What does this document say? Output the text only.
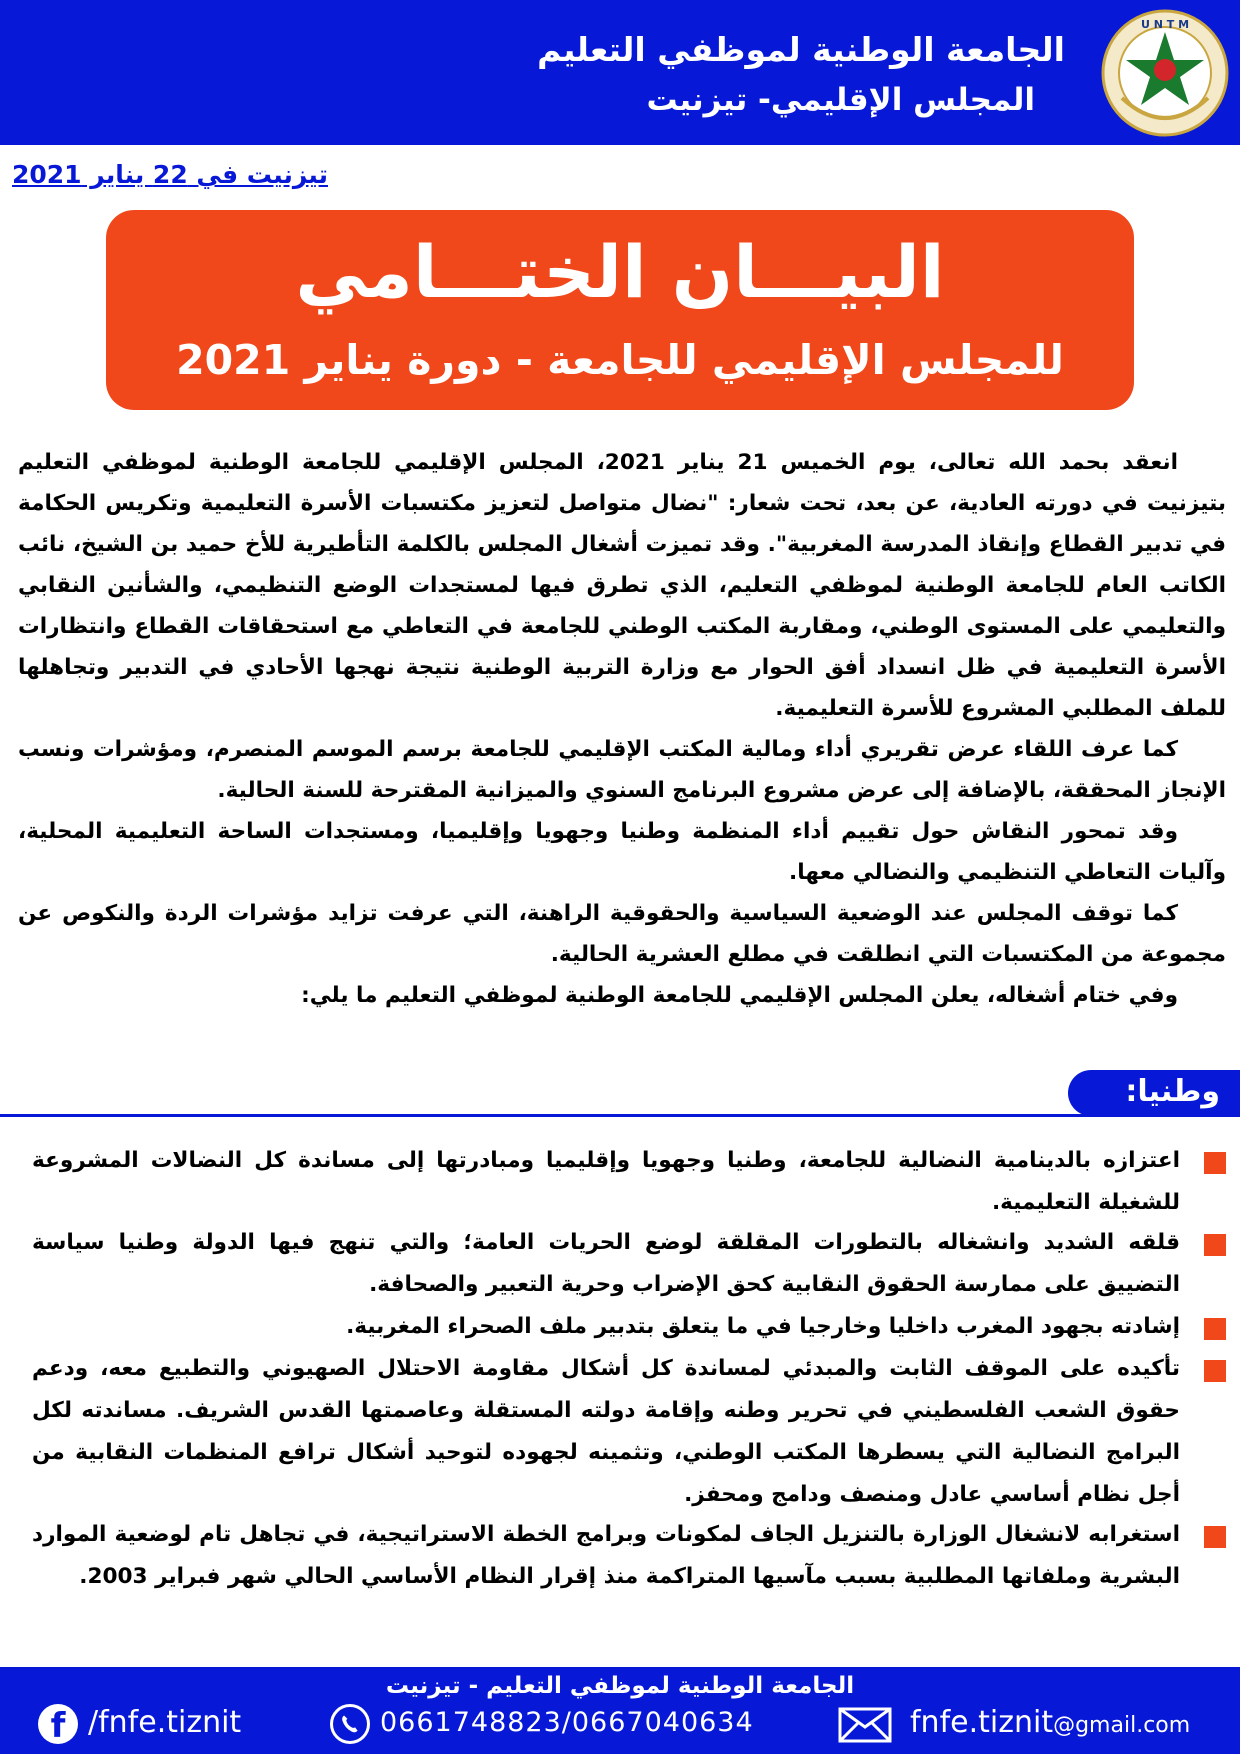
الجامعة الوطنية لموظفي التعليم
المجلس الإقليمي- تيزنيت
U N T M
تيزنيت في 22 يناير 2021
البيـــان الختـــامي
للمجلس الإقليمي للجامعة - دورة يناير 2021

انعقد بحمد الله تعالى، يوم الخميس 21 يناير 2021، المجلس الإقليمي للجامعة الوطنية لموظفي التعليم بتيزنيت في دورته العادية، عن بعد، تحت شعار: "نضال متواصل لتعزيز مكتسبات الأسرة التعليمية وتكريس الحكامة في تدبير القطاع وإنقاذ المدرسة المغربية". وقد تميزت أشغال المجلس بالكلمة التأطيرية للأخ حميد بن الشيخ، نائب الكاتب العام للجامعة الوطنية لموظفي التعليم، الذي تطرق فيها لمستجدات الوضع التنظيمي، والشأنين النقابي والتعليمي على المستوى الوطني، ومقاربة المكتب الوطني للجامعة في التعاطي مع استحقاقات القطاع وانتظارات الأسرة التعليمية في ظل انسداد أفق الحوار مع وزارة التربية الوطنية نتيجة نهجها الأحادي في التدبير وتجاهلها للملف المطلبي المشروع للأسرة التعليمية.

كما عرف اللقاء عرض تقريري أداء ومالية المكتب الإقليمي للجامعة برسم الموسم المنصرم، ومؤشرات ونسب الإنجاز المحققة، بالإضافة إلى عرض مشروع البرنامج السنوي والميزانية المقترحة للسنة الحالية.

وقد تمحور النقاش حول تقييم أداء المنظمة وطنيا وجهويا وإقليميا، ومستجدات الساحة التعليمية المحلية، وآليات التعاطي التنظيمي والنضالي معها.

كما توقف المجلس عند الوضعية السياسية والحقوقية الراهنة، التي عرفت تزايد مؤشرات الردة والنكوص عن مجموعة من المكتسبات التي انطلقت في مطلع العشرية الحالية.

وفي ختام أشغاله، يعلن المجلس الإقليمي للجامعة الوطنية لموظفي التعليم ما يلي:

وطنيا:
اعتزازه بالدينامية النضالية للجامعة، وطنيا وجهويا وإقليميا ومبادرتها إلى مساندة كل النضالات المشروعة للشغيلة التعليمية.
قلقه الشديد وانشغاله بالتطورات المقلقة لوضع الحريات العامة؛ والتي تنهج فيها الدولة وطنيا سياسة التضييق على ممارسة الحقوق النقابية كحق الإضراب وحرية التعبير والصحافة.
إشادته بجهود المغرب داخليا وخارجيا في ما يتعلق بتدبير ملف الصحراء المغربية.
تأكيده على الموقف الثابت والمبدئي لمساندة كل أشكال مقاومة الاحتلال الصهيوني والتطبيع معه، ودعم حقوق الشعب الفلسطيني في تحرير وطنه وإقامة دولته المستقلة وعاصمتها القدس الشريف. مساندته لكل البرامج النضالية التي يسطرها المكتب الوطني، وتثمينه لجهوده لتوحيد أشكال ترافع المنظمات النقابية من أجل نظام أساسي عادل ومنصف ودامج ومحفز.
استغرابه لانشغال الوزارة بالتنزيل الجاف لمكونات وبرامج الخطة الاستراتيجية، في تجاهل تام لوضعية الموارد البشرية وملفاتها المطلبية بسبب مآسيها المتراكمة منذ إقرار النظام الأساسي الحالي شهر فبراير 2003.
الجامعة الوطنية لموظفي التعليم - تيزنيت
f /fnfe.tiznit	0661748823/0667040634	fnfe.tiznit@gmail.com
